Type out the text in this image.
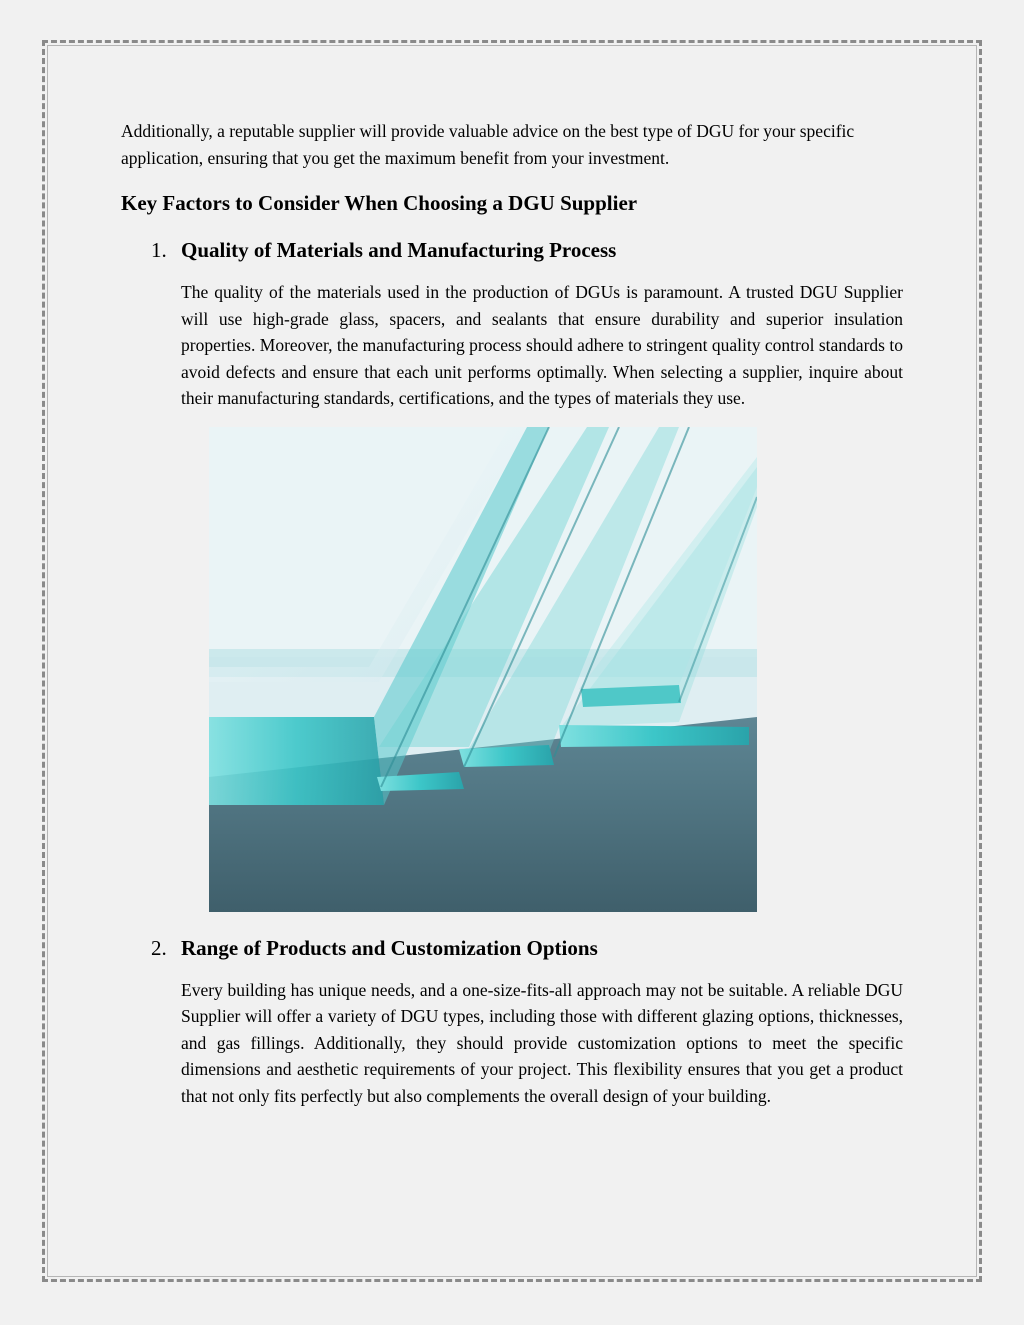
Additionally, a reputable supplier will provide valuable advice on the best type of DGU for your specific application, ensuring that you get the maximum benefit from your investment.

Key Factors to Consider When Choosing a DGU Supplier
1. Quality of Materials and Manufacturing Process

The quality of the materials used in the production of DGUs is paramount. A trusted DGU Supplier will use high-grade glass, spacers, and sealants that ensure durability and superior insulation properties. Moreover, the manufacturing process should adhere to stringent quality control standards to avoid defects and ensure that each unit performs optimally. When selecting a supplier, inquire about their manufacturing standards, certifications, and the types of materials they use.

2. Range of Products and Customization Options

Every building has unique needs, and a one-size-fits-all approach may not be suitable. A reliable DGU Supplier will offer a variety of DGU types, including those with different glazing options, thicknesses, and gas fillings. Additionally, they should provide customization options to meet the specific dimensions and aesthetic requirements of your project. This flexibility ensures that you get a product that not only fits perfectly but also complements the overall design of your building.
